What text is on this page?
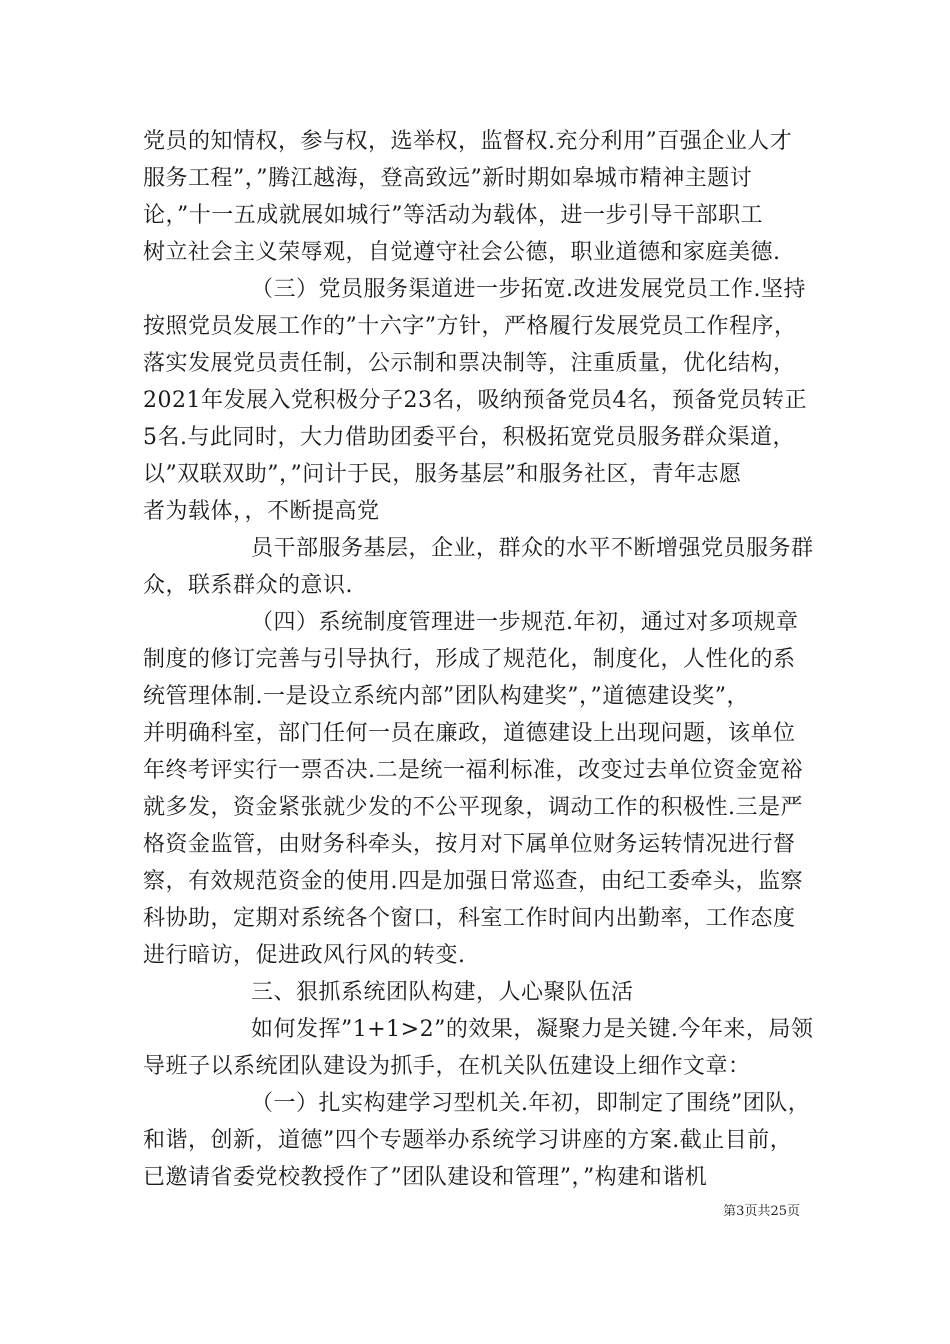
党员的知情权，参与权，选举权，监督权.充分利用”百强企业人才
服务工程”，”腾江越海，登高致远”新时期如皋城市精神主题讨
论，”十一五成就展如城行”等活动为载体，进一步引导干部职工
树立社会主义荣辱观，自觉遵守社会公德，职业道德和家庭美德.
（三）党员服务渠道进一步拓宽.改进发展党员工作.坚持
按照党员发展工作的”十六字”方针，严格履行发展党员工作程序，
落实发展党员责任制，公示制和票决制等，注重质量，优化结构，
2021年发展入党积极分子23名，吸纳预备党员4名，预备党员转正
5名.与此同时，大力借助团委平台，积极拓宽党员服务群众渠道，
以”双联双助”，”问计于民，服务基层”和服务社区，青年志愿
者为载体，，不断提高党
员干部服务基层，企业，群众的水平不断增强党员服务群
众，联系群众的意识.
（四）系统制度管理进一步规范.年初，通过对多项规章
制度的修订完善与引导执行，形成了规范化，制度化，人性化的系
统管理体制.一是设立系统内部”团队构建奖”，”道德建设奖”，
并明确科室，部门任何一员在廉政，道德建设上出现问题，该单位
年终考评实行一票否决.二是统一福利标准，改变过去单位资金宽裕
就多发，资金紧张就少发的不公平现象，调动工作的积极性.三是严
格资金监管，由财务科牵头，按月对下属单位财务运转情况进行督
察，有效规范资金的使用.四是加强日常巡查，由纪工委牵头，监察
科协助，定期对系统各个窗口，科室工作时间内出勤率，工作态度
进行暗访，促进政风行风的转变.
三、狠抓系统团队构建，人心聚队伍活
如何发挥”1+1>2”的效果，凝聚力是关键.今年来，局领
导班子以系统团队建设为抓手，在机关队伍建设上细作文章：
（一）扎实构建学习型机关.年初，即制定了围绕”团队，
和谐，创新，道德”四个专题举办系统学习讲座的方案.截止目前，
已邀请省委党校教授作了”团队建设和管理”，”构建和谐机
第3页共25页
